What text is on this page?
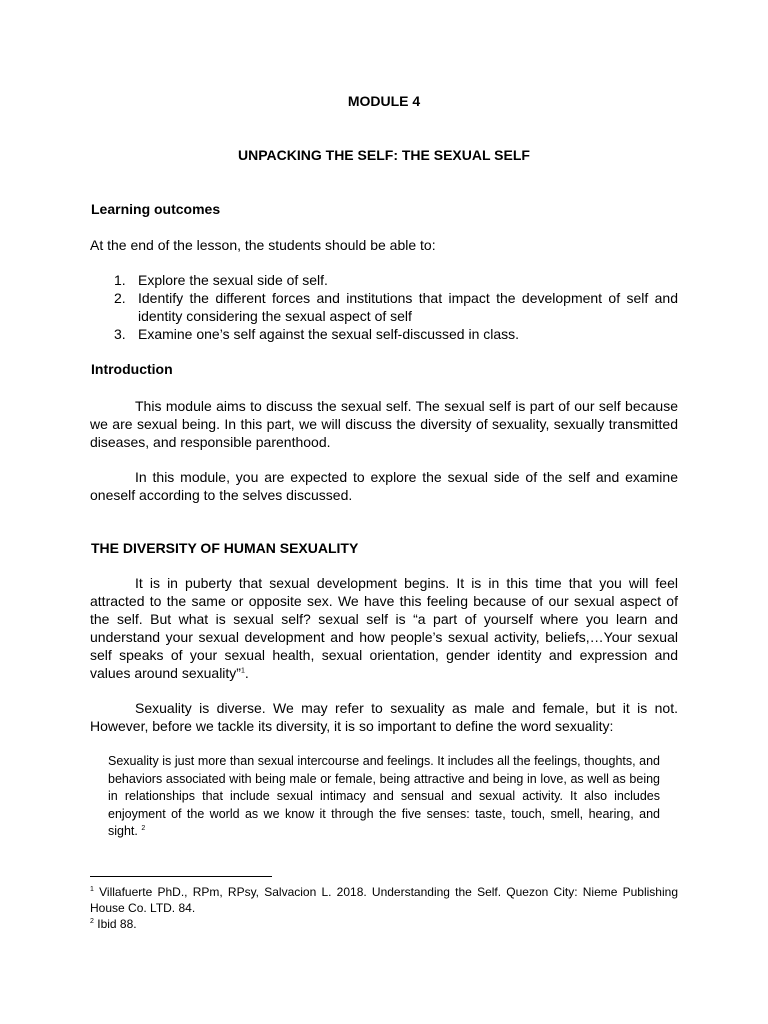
MODULE 4
UNPACKING THE SELF: THE SEXUAL SELF
Learning outcomes
At the end of the lesson, the students should be able to:
1. Explore the sexual side of self.
2. Identify the different forces and institutions that impact the development of self and identity considering the sexual aspect of self
3. Examine one’s self against the sexual self-discussed in class.
Introduction
This module aims to discuss the sexual self. The sexual self is part of our self because we are sexual being. In this part, we will discuss the diversity of sexuality, sexually transmitted diseases, and responsible parenthood.
In this module, you are expected to explore the sexual side of the self and examine oneself according to the selves discussed.
THE DIVERSITY OF HUMAN SEXUALITY
It is in puberty that sexual development begins. It is in this time that you will feel attracted to the same or opposite sex. We have this feeling because of our sexual aspect of the self. But what is sexual self? sexual self is “a part of yourself where you learn and understand your sexual development and how people’s sexual activity, beliefs,…Your sexual self speaks of your sexual health, sexual orientation, gender identity and expression and values around sexuality”$^1$.
Sexuality is diverse. We may refer to sexuality as male and female, but it is not. However, before we tackle its diversity, it is so important to define the word sexuality:
Sexuality is just more than sexual intercourse and feelings. It includes all the feelings, thoughts, and behaviors associated with being male or female, being attractive and being in love, as well as being in relationships that include sexual intimacy and sensual and sexual activity. It also includes enjoyment of the world as we know it through the five senses: taste, touch, smell, hearing, and sight. $^2$
$^1$ Villafuerte PhD., RPm, RPsy, Salvacion L. 2018. Understanding the Self. Quezon City: Nieme Publishing House Co. LTD. 84.
$^2$ Ibid 88.
